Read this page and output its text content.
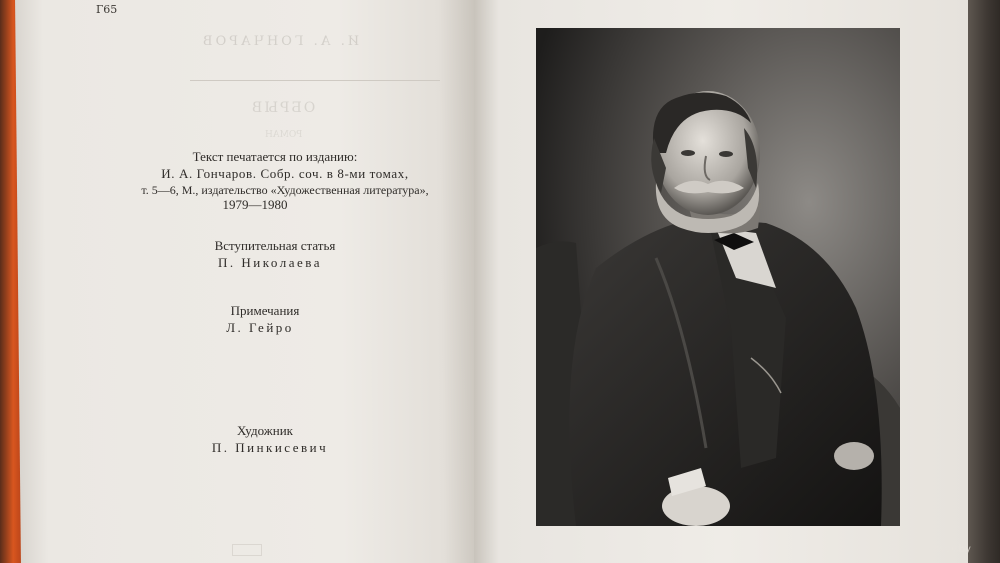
И. А. ГОНЧАРОВ
ОБРЫВ
РОМАН
Г65
Текст печатается по изданию:
И. А. Гончаров. Собр. соч. в 8-ми томах,
т. 5—6, М., издательство «Художественная литература»,
1979—1980
Вступительная статья
П. Николаева
Примечания
Л. Гейро
Художник
П. Пинкисевич
www.ay.by
